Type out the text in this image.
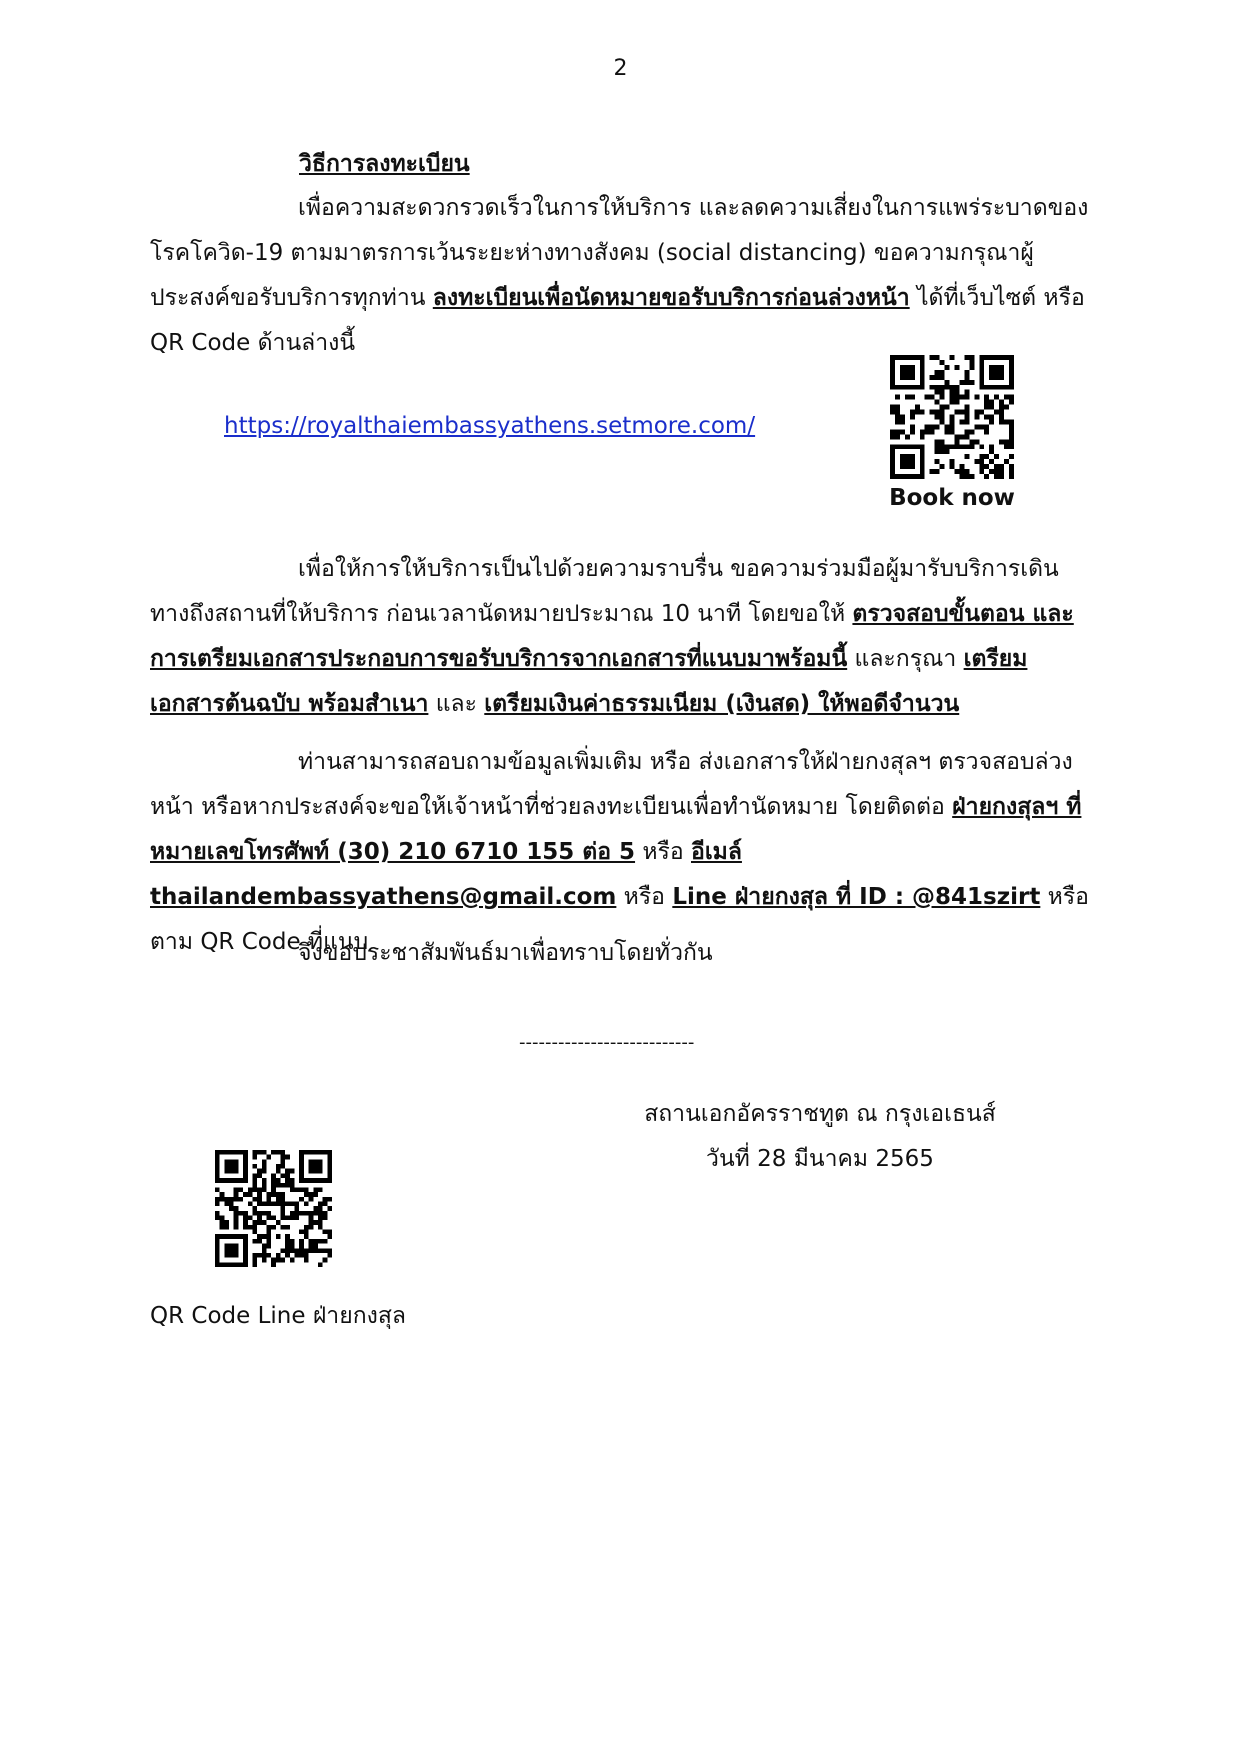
2
วิธีการลงทะเบียน

เพื่อความสะดวกรวดเร็วในการให้บริการ และลดความเสี่ยงในการแพร่ระบาดของโรคโควิด-19 ตามมาตรการเว้นระยะห่างทางสังคม (social distancing) ขอความกรุณาผู้ประสงค์ขอรับบริการทุกท่าน ลงทะเบียนเพื่อนัดหมายขอรับบริการก่อนล่วงหน้า ได้ที่เว็บไซต์ หรือ QR Code ด้านล่างนี้

https://royalthaiembassyathens.setmore.com/
Book now

เพื่อให้การให้บริการเป็นไปด้วยความราบรื่น ขอความร่วมมือผู้มารับบริการเดินทางถึงสถานที่ให้บริการ ก่อนเวลานัดหมายประมาณ 10 นาที โดยขอให้ ตรวจสอบขั้นตอน และการเตรียมเอกสารประกอบการขอรับบริการจากเอกสารที่แนบมาพร้อมนี้ และกรุณา เตรียมเอกสารต้นฉบับ พร้อมสำเนา และ เตรียมเงินค่าธรรมเนียม (เงินสด) ให้พอดีจำนวน

ท่านสามารถสอบถามข้อมูลเพิ่มเติม หรือ ส่งเอกสารให้ฝ่ายกงสุลฯ ตรวจสอบล่วงหน้า หรือหากประสงค์จะขอให้เจ้าหน้าที่ช่วยลงทะเบียนเพื่อทำนัดหมาย โดยติดต่อ ฝ่ายกงสุลฯ ที่หมายเลขโทรศัพท์ (30) 210 6710 155 ต่อ 5 หรือ อีเมล์ thailandembassyathens@gmail.com หรือ Line ฝ่ายกงสุล ที่ ID : @841szirt หรือ ตาม QR Code ที่แนบ

จึงขอประชาสัมพันธ์มาเพื่อทราบโดยทั่วกัน

---------------------------
สถานเอกอัครราชทูต ณ กรุงเอเธนส์
วันที่ 28 มีนาคม 2565
QR Code Line ฝ่ายกงสุล
